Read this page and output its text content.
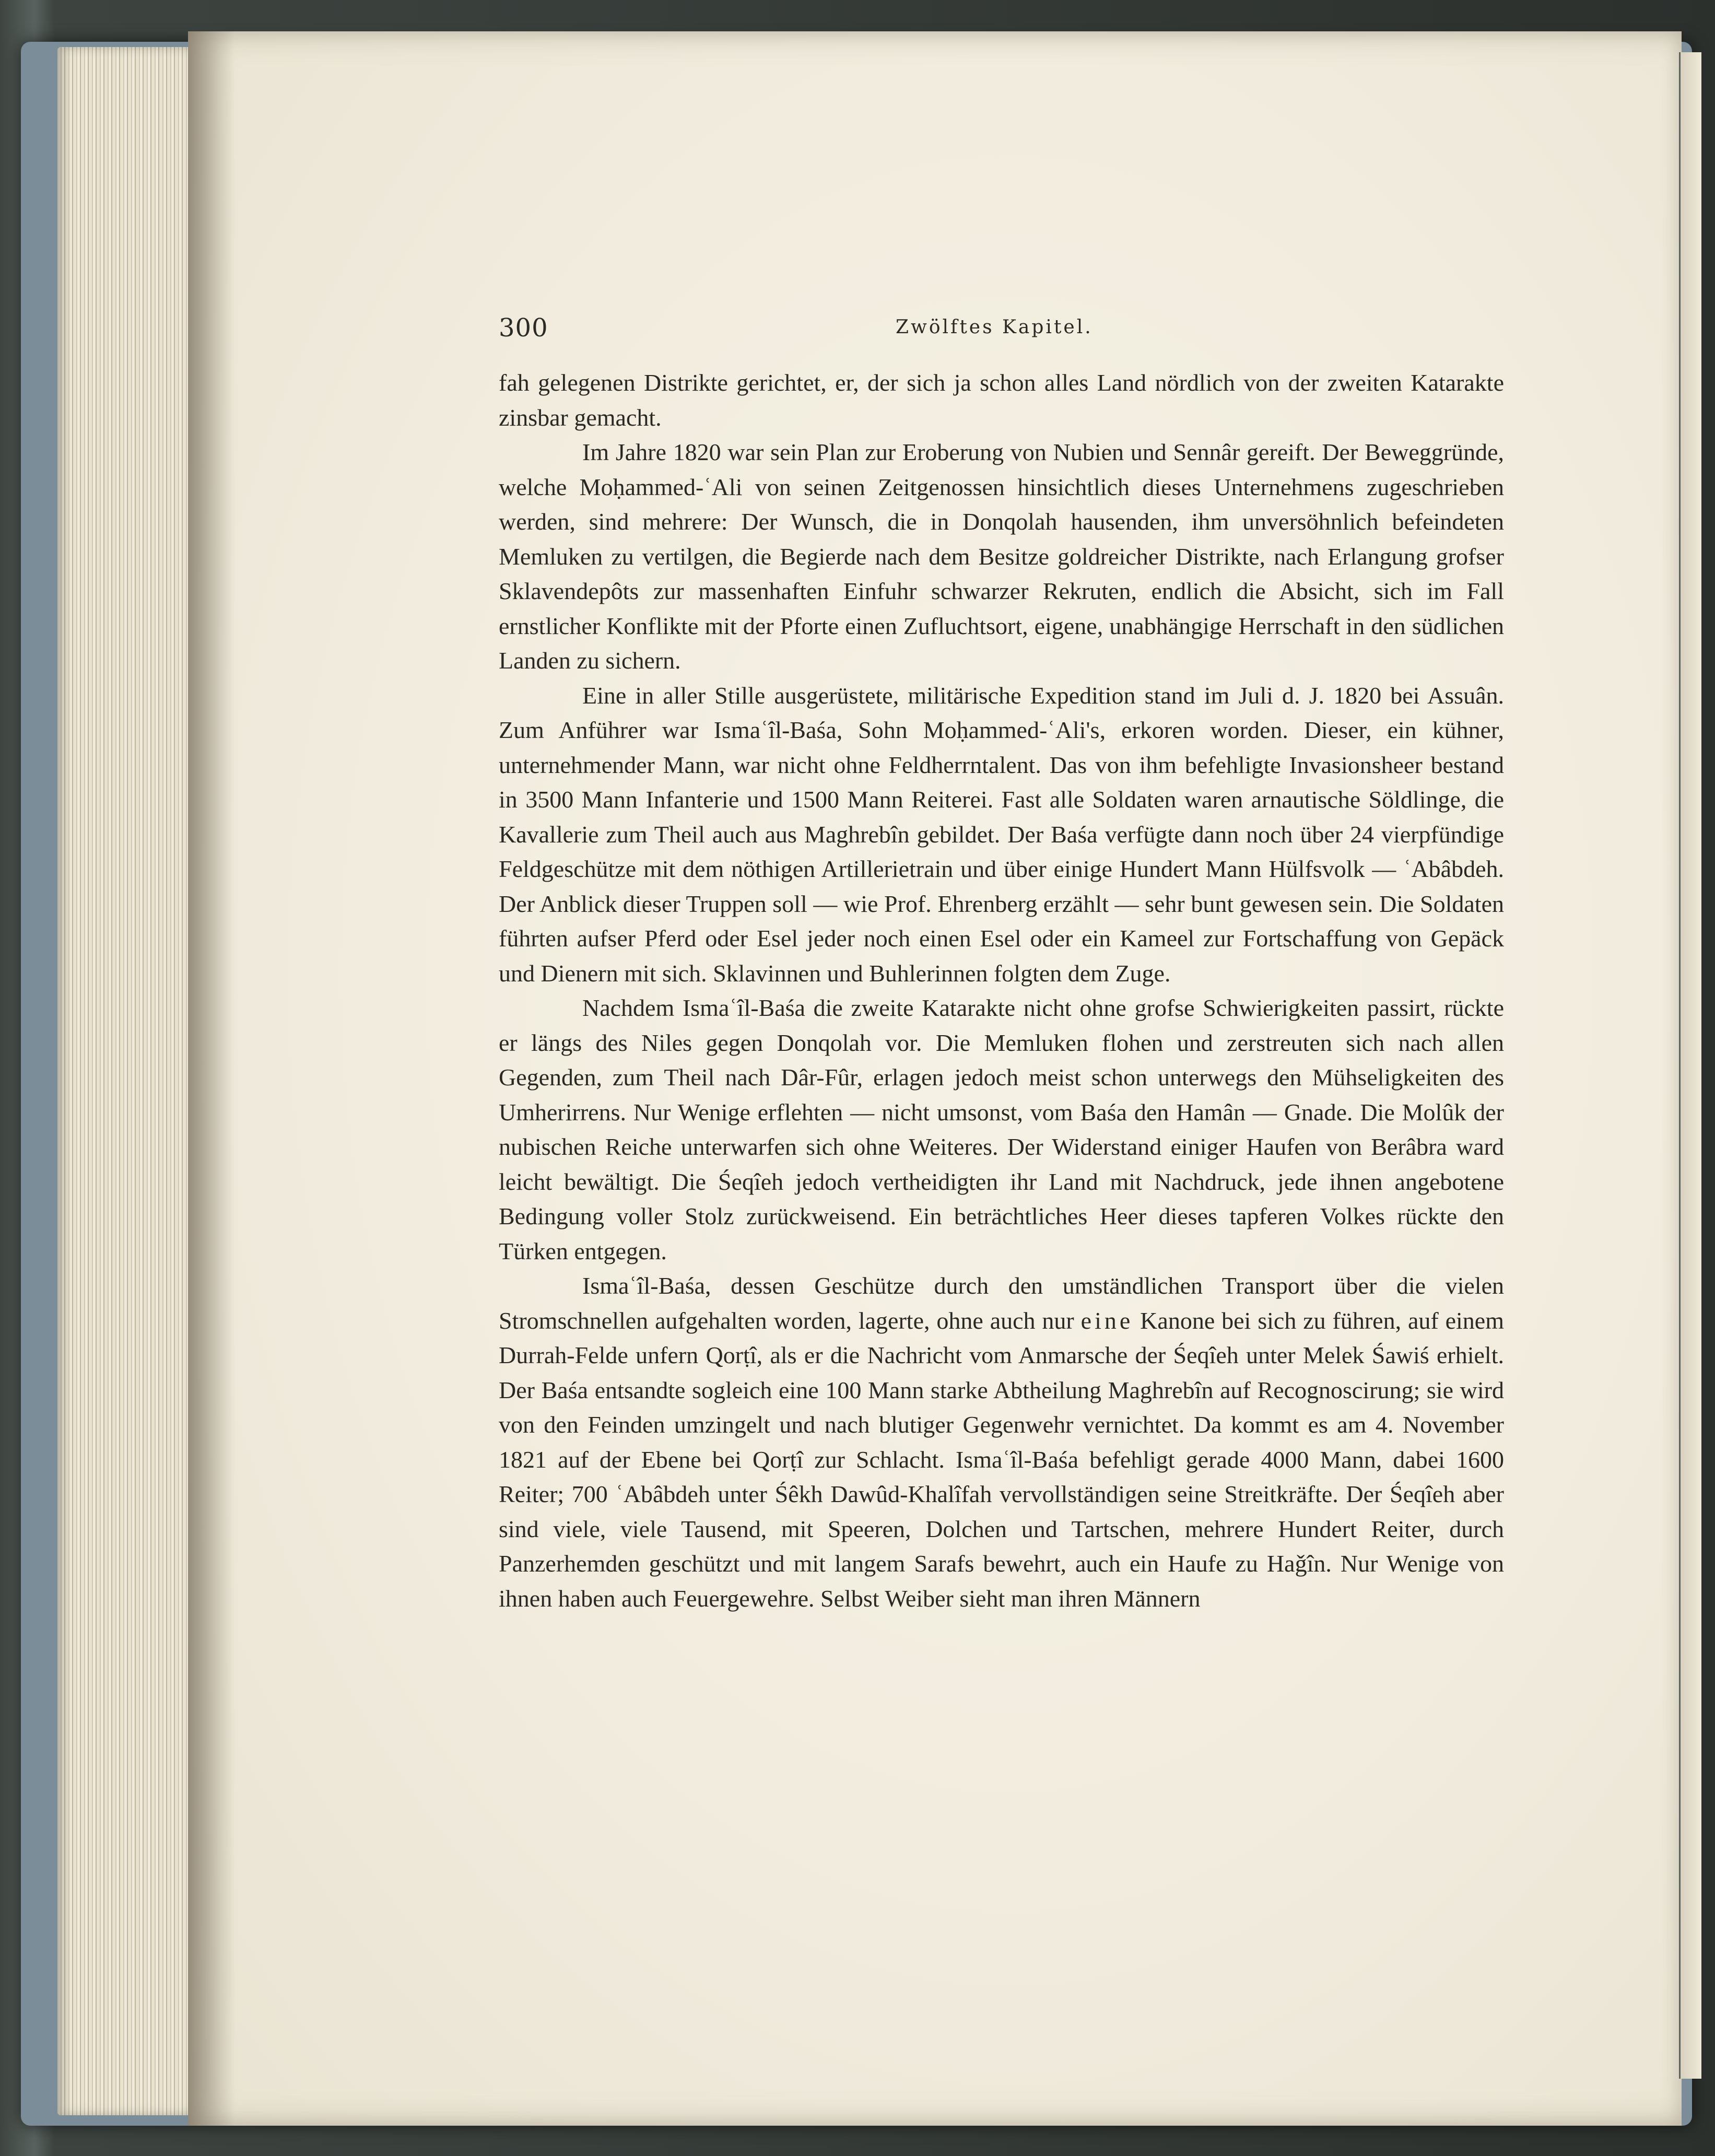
300	Zwölftes Kapitel.

fah gelegenen Distrikte gerichtet, er, der sich ja schon alles Land nördlich von der zweiten Katarakte zinsbar gemacht.

Im Jahre 1820 war sein Plan zur Eroberung von Nubien und Sennâr gereift. Der Beweggründe, welche Moḥammed-ʿAli von seinen Zeitgenossen hinsichtlich dieses Unternehmens zugeschrieben werden, sind mehrere: Der Wunsch, die in Donqolah hausenden, ihm unversöhnlich befeindeten Memluken zu vertilgen, die Begierde nach dem Besitze goldreicher Distrikte, nach Erlangung grofser Sklavendepôts zur massenhaften Einfuhr schwarzer Rekruten, endlich die Absicht, sich im Fall ernstlicher Konflikte mit der Pforte einen Zufluchtsort, eigene, unabhängige Herrschaft in den südlichen Landen zu sichern.

Eine in aller Stille ausgerüstete, militärische Expedition stand im Juli d. J. 1820 bei Assuân. Zum Anführer war Ismaʿîl-Baśa, Sohn Moḥammed-ʿAli's, erkoren worden. Dieser, ein kühner, unternehmender Mann, war nicht ohne Feldherrntalent. Das von ihm befehligte Invasionsheer bestand in 3500 Mann Infanterie und 1500 Mann Reiterei. Fast alle Soldaten waren arnautische Söldlinge, die Kavallerie zum Theil auch aus Maghrebîn gebildet. Der Baśa verfügte dann noch über 24 vierpfündige Feldgeschütze mit dem nöthigen Artillerietrain und über einige Hundert Mann Hülfsvolk — ʿAbâbdeh. Der Anblick dieser Truppen soll — wie Prof. Ehrenberg erzählt — sehr bunt gewesen sein. Die Soldaten führten aufser Pferd oder Esel jeder noch einen Esel oder ein Kameel zur Fortschaffung von Gepäck und Dienern mit sich. Sklavinnen und Buhlerinnen folgten dem Zuge.

Nachdem Ismaʿîl-Baśa die zweite Katarakte nicht ohne grofse Schwierigkeiten passirt, rückte er längs des Niles gegen Donqolah vor. Die Memluken flohen und zerstreuten sich nach allen Gegenden, zum Theil nach Dâr-Fûr, erlagen jedoch meist schon unterwegs den Mühseligkeiten des Umherirrens. Nur Wenige erflehten — nicht umsonst, vom Baśa den Hamân — Gnade. Die Molûk der nubischen Reiche unterwarfen sich ohne Weiteres. Der Widerstand einiger Haufen von Berâbra ward leicht bewältigt. Die Śeqîeh jedoch vertheidigten ihr Land mit Nachdruck, jede ihnen angebotene Bedingung voller Stolz zurückweisend. Ein beträchtliches Heer dieses tapferen Volkes rückte den Türken entgegen.

Ismaʿîl-Baśa, dessen Geschütze durch den umständlichen Transport über die vielen Stromschnellen aufgehalten worden, lagerte, ohne auch nur eine Kanone bei sich zu führen, auf einem Durrah-Felde unfern Qorṭî, als er die Nachricht vom Anmarsche der Śeqîeh unter Melek Śawiś erhielt. Der Baśa entsandte sogleich eine 100 Mann starke Abtheilung Maghrebîn auf Recognoscirung; sie wird von den Feinden umzingelt und nach blutiger Gegenwehr vernichtet. Da kommt es am 4. November 1821 auf der Ebene bei Qorṭî zur Schlacht. Ismaʿîl-Baśa befehligt gerade 4000 Mann, dabei 1600 Reiter; 700 ʿAbâbdeh unter Śêkh Dawûd-Khalîfah vervollständigen seine Streitkräfte. Der Śeqîeh aber sind viele, viele Tausend, mit Speeren, Dolchen und Tartschen, mehrere Hundert Reiter, durch Panzerhemden geschützt und mit langem Sarafs bewehrt, auch ein Haufe zu Haǧîn. Nur Wenige von ihnen haben auch Feuergewehre. Selbst Weiber sieht man ihren Männern
